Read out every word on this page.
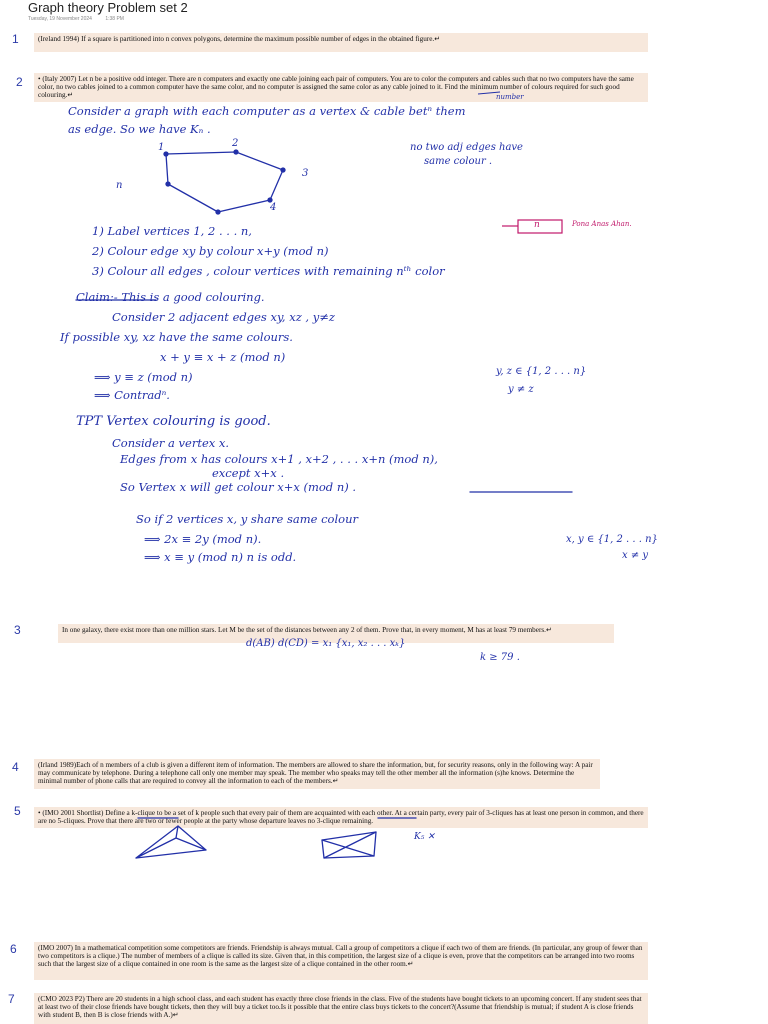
Graph theory Problem set 2
Tuesday, 19 November 2024	1:38 PM
1
2
3
4
5
6
7
(Ireland 1994) If a square is partitioned into n convex polygons, determine the maximum possible number of edges in the obtained figure.↵
• (Italy 2007) Let n be a positive odd integer. There are n computers and exactly one cable joining each pair of computers. You are to color the computers and cables such that no two computers have the same color, no two cables joined to a common computer have the same color, and no computer is assigned the same color as any cable joined to it. Find the minimum number of colours required for such good colouring.↵
In one galaxy, there exist more than one million stars. Let M be the set of the distances between any 2 of them. Prove that, in every moment, M has at least 79 members.↵
(Irland 1989)Each of n members of a club is given a different item of information. The members are allowed to share the information, but, for security reasons, only in the following way: A pair may communicate by telephone. During a telephone call only one member may speak. The member who speaks may tell the other member all the information (s)he knows. Determine the minimal number of phone calls that are required to convey all the information to each of the members.↵
• (IMO 2001 Shortlist) Define a k-clique to be a set of k people such that every pair of them are acquainted with each other. At a certain party, every pair of 3-cliques has at least one person in common, and there are no 5-cliques. Prove that there are two or fewer people at the party whose departure leaves no 3-clique remaining.
(IMO 2007) In a mathematical competition some competitors are friends. Friendship is always mutual. Call a group of competitors a clique if each two of them are friends. (In particular, any group of fewer than two competitors is a clique.) The number of members of a clique is called its size. Given that, in this competition, the largest size of a clique is even, prove that the competitors can be arranged into two rooms such that the largest size of a clique contained in one room is the same as the largest size of a clique contained in the other room.↵
(CMO 2023 P2) There are 20 students in a high school class, and each student has exactly three close friends in the class. Five of the students have bought tickets to an upcoming concert. If any student sees that at least two of their close friends have bought tickets, then they will buy a ticket too.Is it possible that the entire class buys tickets to the concert?(Assume that friendship is mutual; if student A is close friends with student B, then B is close friends with A.)↵
number
Consider a graph with each computer as a vertex & cable betⁿ them
as edge. So we have Kₙ .
1	2
3
4
n
no two adj edges have
same colour .
n	Pona Anas Ahan.
1) Label vertices 1, 2 . . . n,
2) Colour edge xy by colour x+y (mod n)
3) Colour all edges , colour vertices with remaining nᵗʰ color
Claim:- This is a good colouring.
Consider 2 adjacent edges xy, xz , y≠z
If possible xy, xz have the same colours.
x + y ≡ x + z (mod n)
⟹ y ≡ z (mod n)
⟹ Contradⁿ.
y, z ∈ {1, 2 . . . n}
y ≠ z
TPT Vertex colouring is good.
Consider a vertex x.
Edges from x has colours x+1 , x+2 , . . . x+n (mod n),
except x+x .
So Vertex x will get colour x+x (mod n) .
So if 2 vertices x, y share same colour
⟹ 2x ≡ 2y (mod n).
⟹ x ≡ y (mod n) n is odd.
x, y ∈ {1, 2 . . . n}
x ≠ y
d(AB) d(CD) = x₁ {x₁, x₂ . . . xₖ}
k ≥ 79 .
K₅ ✕
